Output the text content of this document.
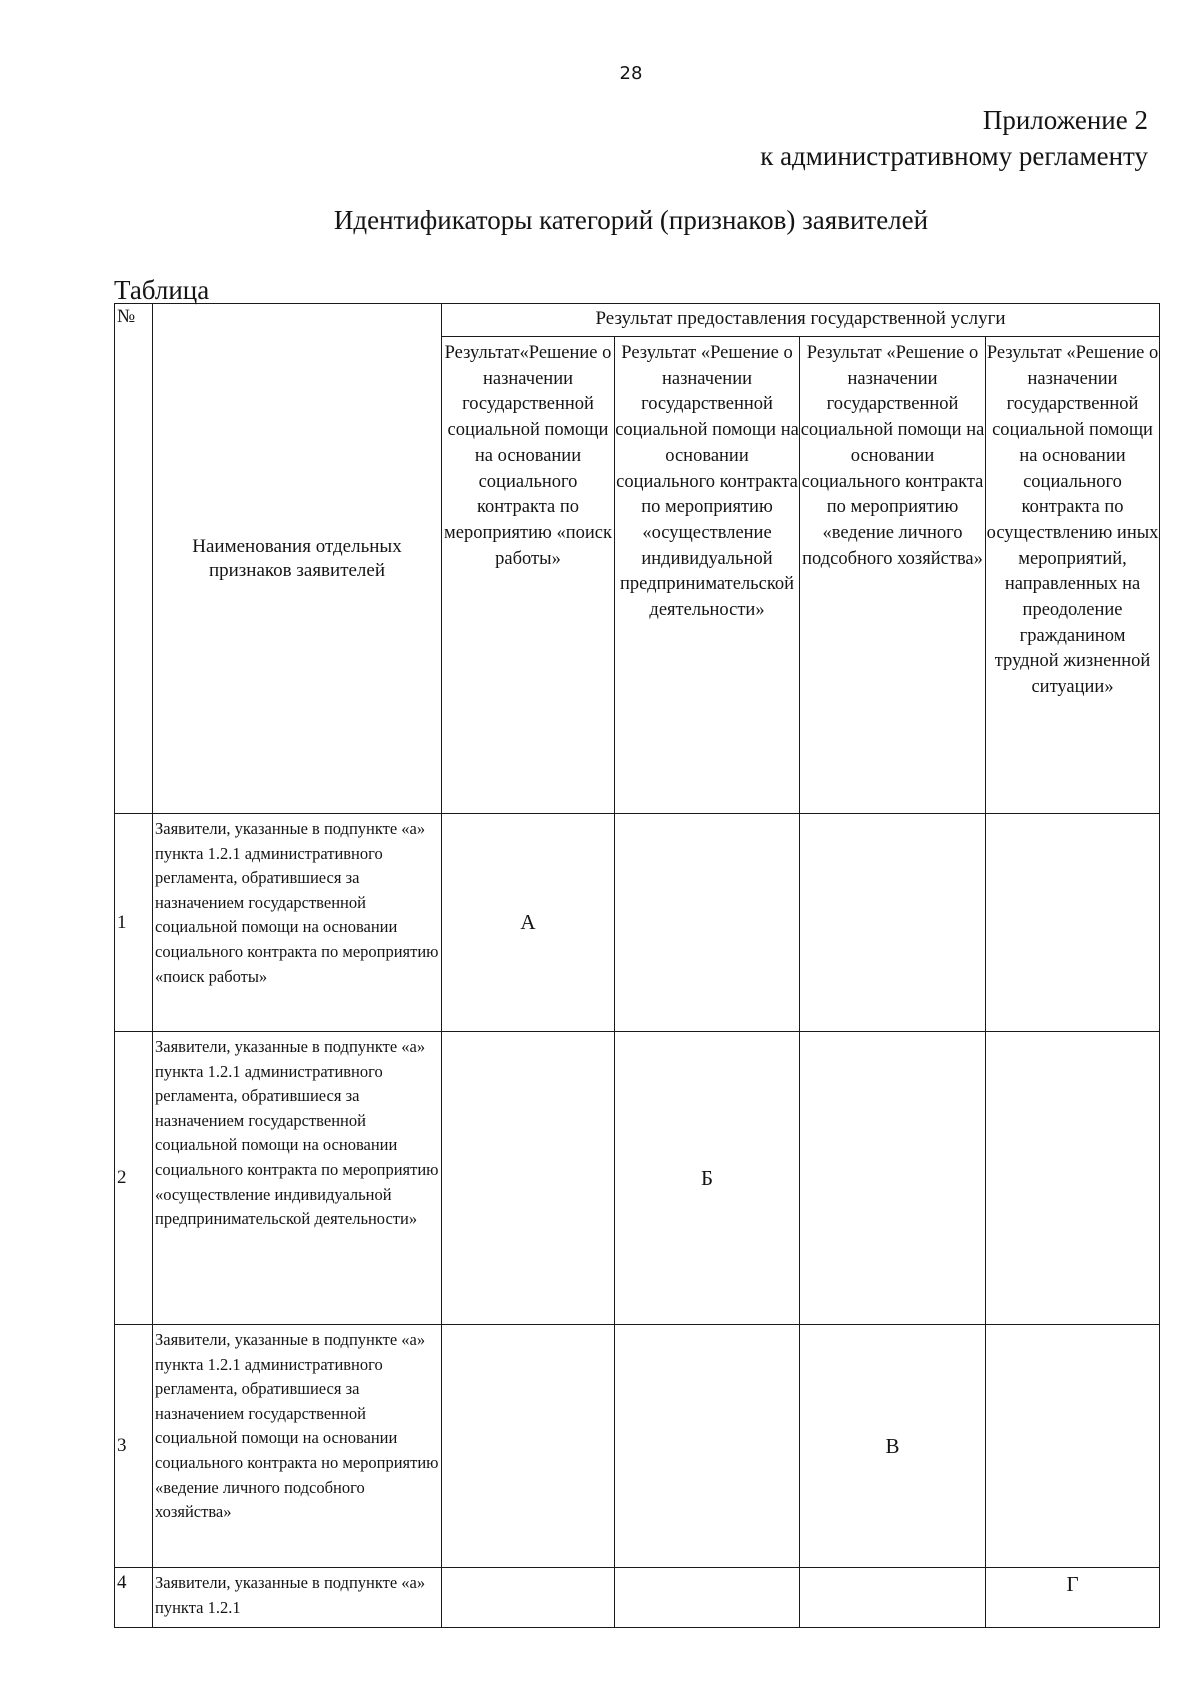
28
Приложение 2
к административному регламенту
Идентификаторы категорий (признаков) заявителей
Таблица
№	Наименования отдельных признаков заявителей	Результат предоставления государственной услуги			
		Результат«Решение о назначении государственной социальной помощи на основании социального контракта по мероприятию «поиск работы»	Результат «Решение о назначении государственной социальной помощи на основании социального контракта по мероприятию «осуществление индивидуальной предпринимательской деятельности»	Результат «Решение о назначении государственной социальной помощи на основании социального контракта по мероприятию «ведение личного подсобного хозяйства»	Результат «Решение о назначении государственной социальной помощи на основании социального контракта по осуществлению иных мероприятий, направленных на преодоление гражданином трудной жизненной ситуации»
1	Заявители, указанные в подпункте «а» пункта 1.2.1 административного регламента, обратившиеся за назначением государственной социальной помощи на основании социального контракта по мероприятию «поиск работы»	А			
2	Заявители, указанные в подпункте «а» пункта 1.2.1 административного регламента, обратившиеся за назначением государственной социальной помощи на основании социального контракта по мероприятию «осуществление индивидуальной предпринимательской деятельности»		Б		
3	Заявители, указанные в подпункте «а» пункта 1.2.1 административного регламента, обратившиеся за назначением государственной социальной помощи на основании социального контракта но мероприятию «ведение личного подсобного хозяйства»			В	
4	Заявители, указанные в подпункте «а» пункта 1.2.1				Г
